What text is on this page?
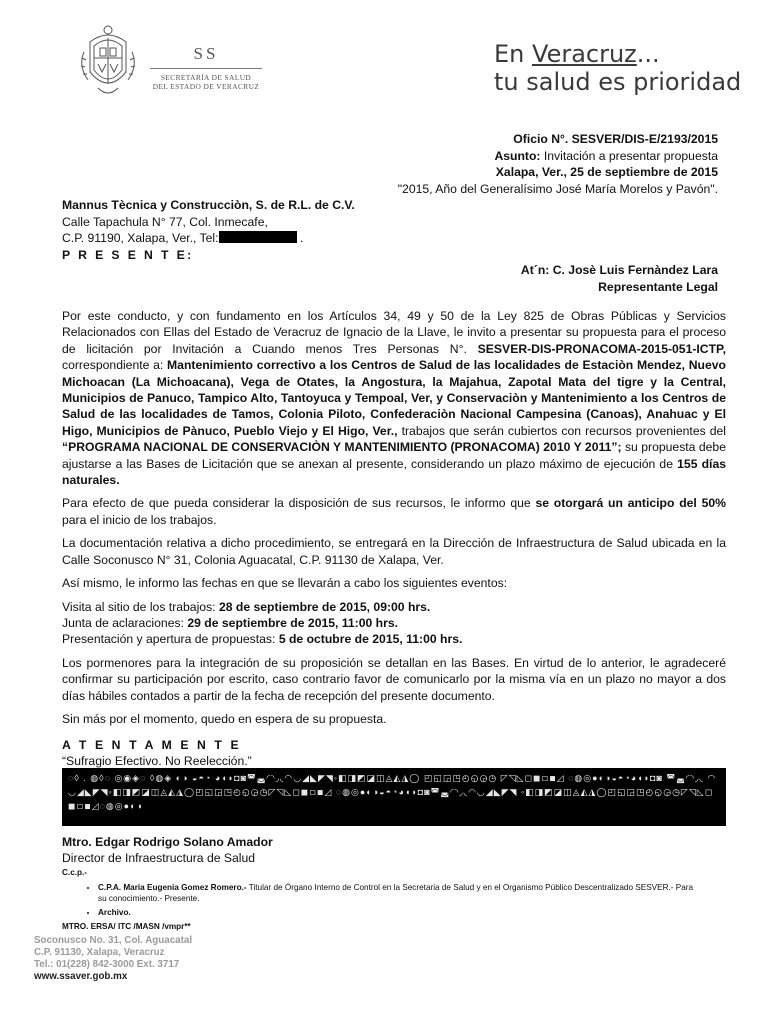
SS
SECRETARÍA DE SALUD
DEL ESTADO DE VERACRUZ
En Veracruz...
tu salud es prioridad
Oficio N°. SESVER/DIS-E/2193/2015
Asunto: Invitación a presentar propuesta
Xalapa, Ver., 25 de septiembre de 2015
"2015, Año del Generalísimo José María Morelos y Pavón".
Mannus Tècnica y Construcciòn, S. de R.L. de C.V.
Calle Tapachula N° 77, Col. Inmecafe,
C.P. 91190, Xalapa, Ver., Tel:	.
P R E S E N T E:
At´n: C. Josè Luis Fernàndez Lara
Representante Legal

Por este conducto, y con fundamento en los Artículos 34, 49 y 50 de la Ley 825 de Obras Públicas y Servicios Relacionados con Ellas del Estado de Veracruz de Ignacio de la Llave, le invito a presentar su propuesta para el proceso de licitación por Invitación a Cuando menos Tres Personas N°. SESVER-DIS-PRONACOMA-2015-051-ICTP, correspondiente a: Mantenimiento correctivo a los Centros de Salud de las localidades de Estaciòn Mendez, Nuevo Michoacan (La Michoacana), Vega de Otates, la Angostura, la Majahua, Zapotal Mata del tigre y la Central, Municipios de Panuco, Tampico Alto, Tantoyuca y Tempoal, Ver, y Conservaciòn y Mantenimiento a los Centros de Salud de las localidades de Tamos, Colonia Piloto, Confederaciòn Nacional Campesina (Canoas), Anahuac y El Higo, Municipios de Pànuco, Pueblo Viejo y El Higo, Ver., trabajos que serán cubiertos con recursos provenientes del “PROGRAMA NACIONAL DE CONSERVACIÒN Y MANTENIMIENTO (PRONACOMA) 2010 Y 2011”; su propuesta debe ajustarse a las Bases de Licitación que se anexan al presente, considerando un plazo máximo de ejecución de 155 días naturales.

Para efecto de que pueda considerar la disposición de sus recursos, le informo que se otorgará un anticipo del 50% para el inicio de los trabajos.

La documentación relativa a dicho procedimiento, se entregará en la Dirección de Infraestructura de Salud ubicada en la Calle Soconusco N° 31, Colonia Aguacatal, C.P. 91130 de Xalapa, Ver.

Así mismo, le informo las fechas en que se llevarán a cabo los siguientes eventos:

Visita al sitio de los trabajos: 28 de septiembre de 2015, 09:00 hrs.

Junta de aclaraciones: 29 de septiembre de 2015, 11:00 hrs.

Presentación y apertura de propuestas: 5 de octubre de 2015, 11:00 hrs.

Los pormenores para la integración de su proposición se detallan en las Bases. En virtud de lo anterior, le agradeceré confirmar su participación por escrito, caso contrario favor de comunicarlo por la misma vía en un plazo no mayor a dos días hábiles contados a partir de la fecha de recepción del presente documento.

Sin más por el momento, quedo en espera de su propuesta.

A T E N T A M E N T E
“Sufragio Efectivo. No Reelección.”
◌◊ . ◍◊◌ ◎◉◈◌ ◊◍◈ ◐◑ ◒◓◔ ◕◖◗◘◙◚◛◜◝◞◟◠◡◢◣◤◥◦◧◨◩◪◫◬◭◮◯ ◰◱◲◳◴◵◶◷ ◸◹◺◻◼◽◾◿ ◌◍◎●◐◑◒◓◔◕◖◗◘◙ ◚◛◜◝◞◟ ◠◡◢◣◤◥◦◧◨◩◪◫◬◭◮◯◰◱◲◳◴◵◶◷◸◹◺◻◼◽◾◿ ◌◍◎●◐◑◒◓◔◕◖◗◘◙◚◛◜◝◞◟◠◡◢◣◤◥ ◦◧◨◩◪◫◬◭◮◯◰◱◲◳◴◵◶◷◸◹◺◻◼◽◾◿◌◍◎●◐◑
Mtro. Edgar Rodrigo Solano Amador
Director de Infraestructura de Salud
C.c.p.-
• C.P.A. Maria Eugenia Gomez Romero.- Titular de Órgano Interno de Control en la Secretaria de Salud y en el Organismo Público Descentralizado SESVER.- Para su conocimiento.- Presente.
• Archivo.
MTRO. ERSA/ ITC /MASN /vmpr**
Soconusco No. 31, Col. Aguacatal
C.P. 91130, Xalapa, Veracruz
Tel.: 01(228) 842-3000 Ext. 3717
www.ssaver.gob.mx
